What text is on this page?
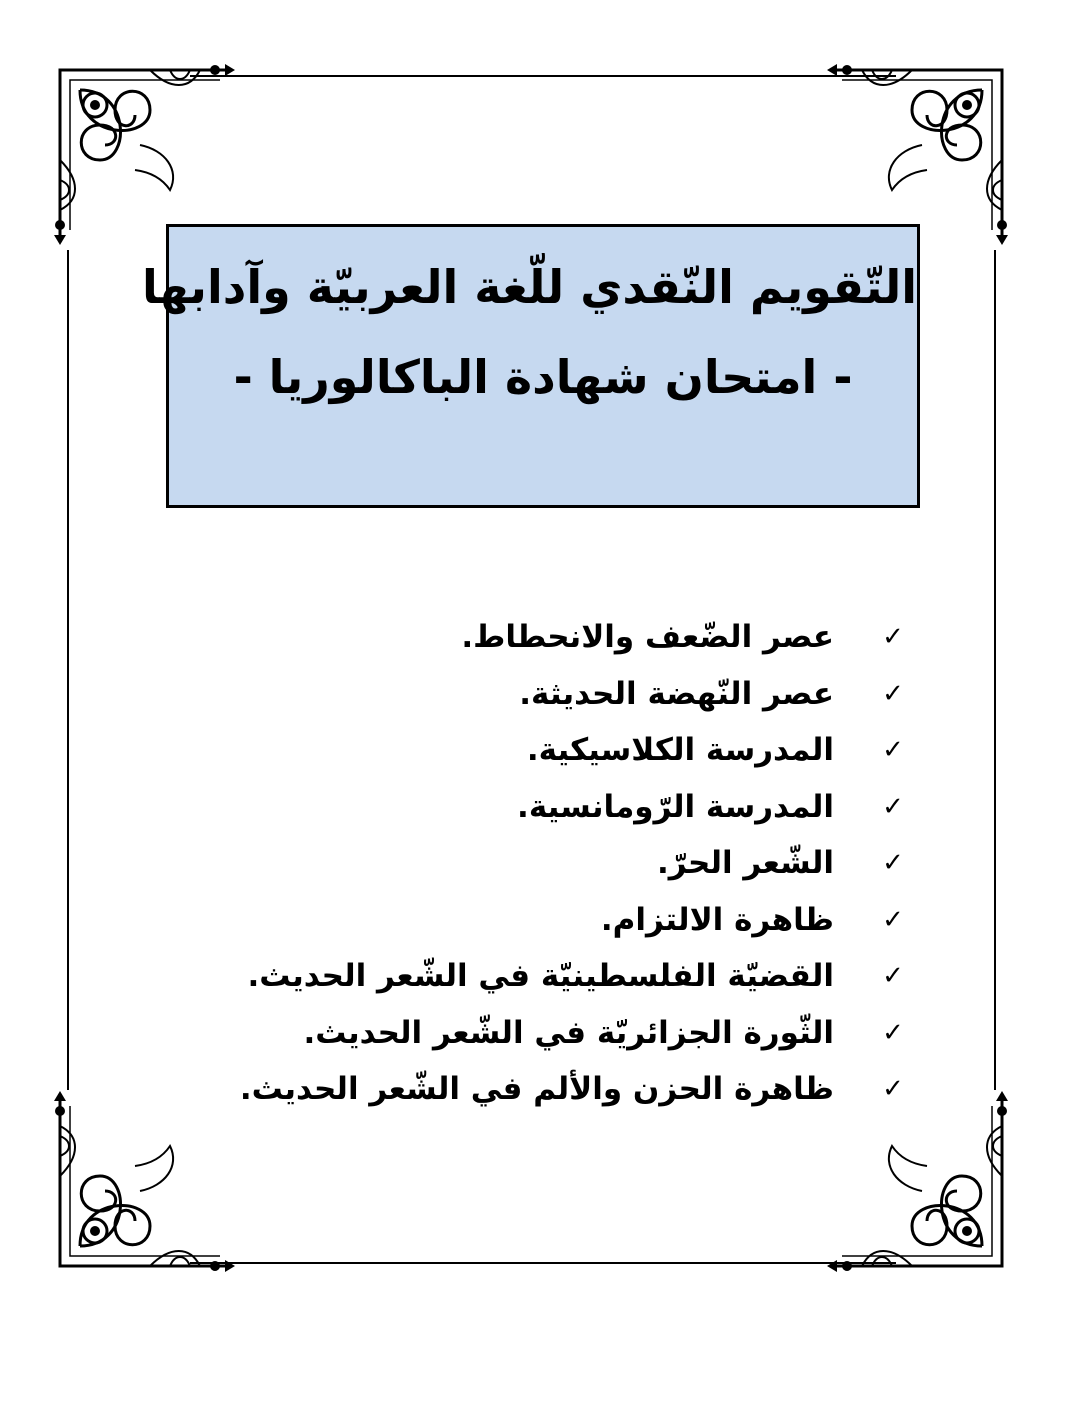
التّقويم النّقدي للّغة العربيّة وآدابها
- امتحان شهادة الباكالوريا -
✓
عصر الضّعف والانحطاط.
✓
عصر النّهضة الحديثة.
✓
المدرسة الكلاسيكية.
✓
المدرسة الرّومانسية.
✓
الشّعر الحرّ.
✓
ظاهرة الالتزام.
✓
القضيّة الفلسطينيّة في الشّعر الحديث.
✓
الثّورة الجزائريّة في الشّعر الحديث.
✓
ظاهرة الحزن والألم في الشّعر الحديث.
